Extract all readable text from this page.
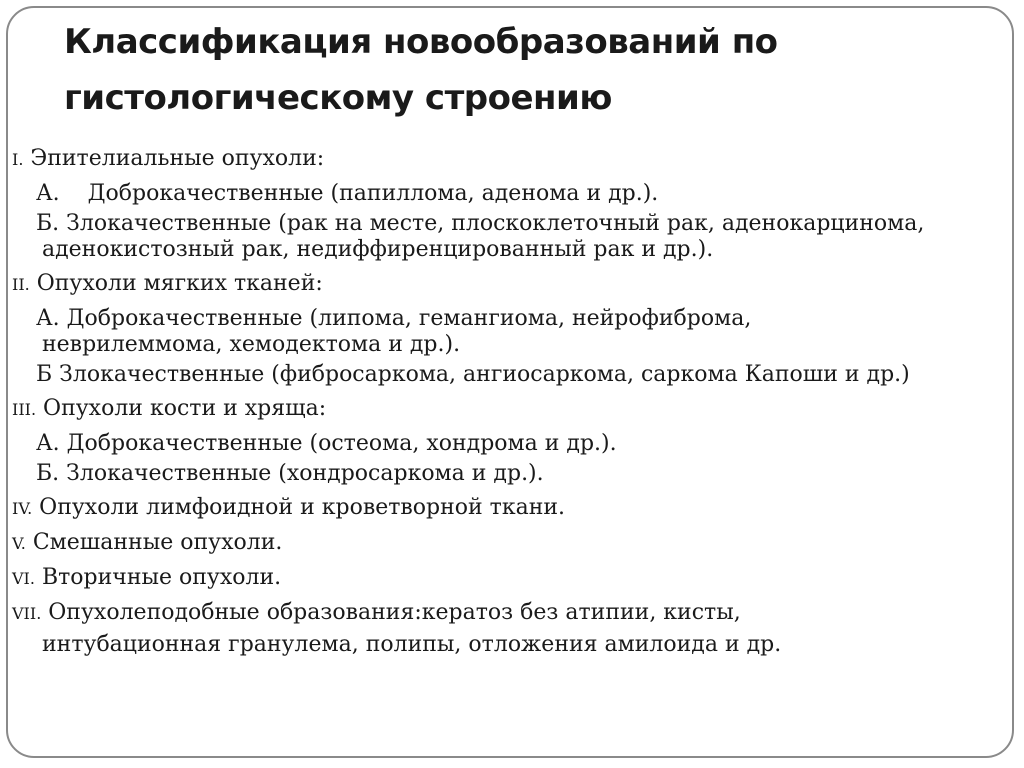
Классификация новообразований по
гистологическому строению
I. Эпителиальные опухоли:
А. Доброкачественные (папиллома, аденома и др.).
Б. Злокачественные (рак на месте, плоскоклеточный рак, аденокарцинома,
аденокистозный рак, недиффиренцированный рак и др.).
II. Опухоли мягких тканей:
А. Доброкачественные (липома, гемангиома, нейрофиброма,
неврилеммома, хемодектома и др.).
Б Злокачественные (фибросаркома, ангиосаркома, саркома Капоши и др.)
III. Опухоли кости и хряща:
А. Доброкачественные (остеома, хондрома и др.).
Б. Злокачественные (хондросаркома и др.).
IV. Опухоли лимфоидной и кроветворной ткани.
V. Смешанные опухоли.
VI. Вторичные опухоли.
VII. Опухолеподобные образования:кератоз без атипии, кисты,
интубационная гранулема, полипы, отложения амилоида и др.
